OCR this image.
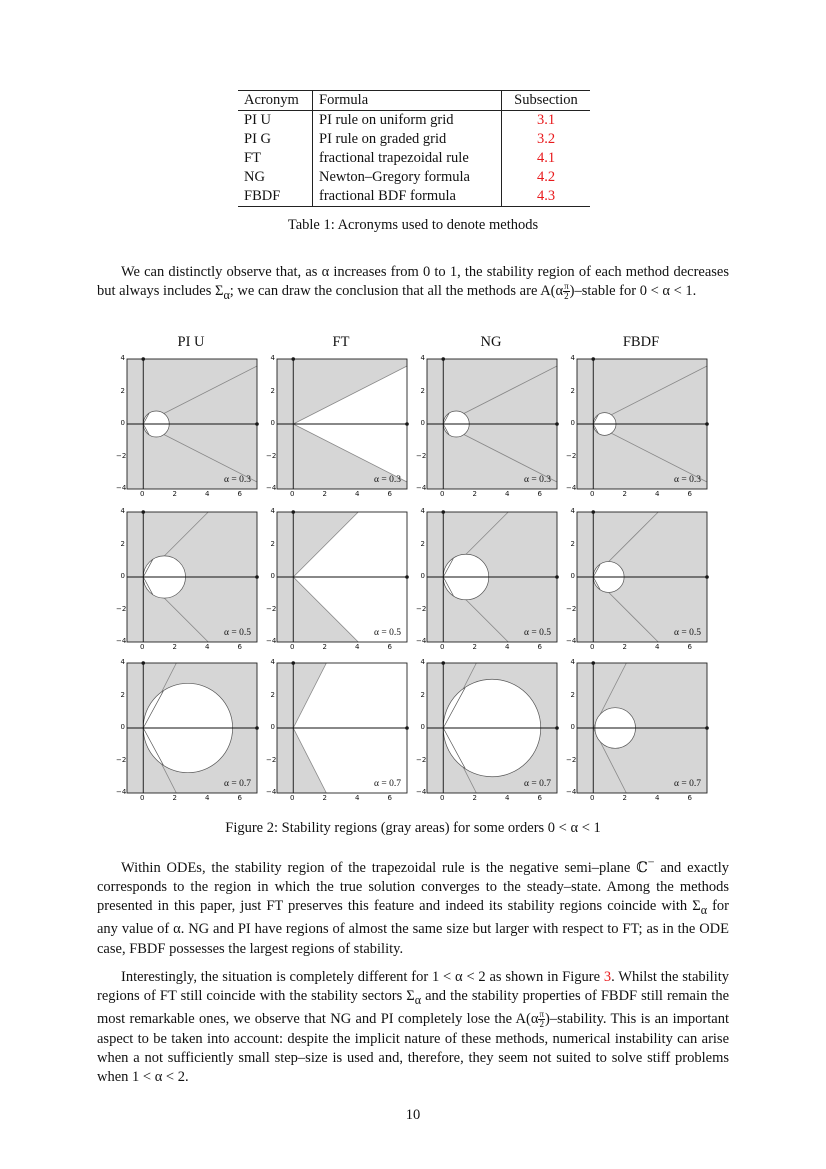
Acronym	Formula	Subsection
PI U	PI rule on uniform grid	3.1
PI G	PI rule on graded grid	3.2
FT	fractional trapezoidal rule	4.1
NG	Newton–Gregory formula	4.2
FBDF	fractional BDF formula	4.3
Table 1: Acronyms used to denote methods

We can distinctly observe that, as α increases from 0 to 1, the stability region of each method decreases but always includes $\Sigma_\alpha$; we can draw the conclusion that all the methods are $A(\alpha \frac{\pi}{2}$ )–stable for 0 < α < 1.

PI U	FT	NG	FBDF
4
2
0
−2
−4
0	2	4	6
α = 0.3
4
2
0
−2
−4
0	2	4	6
α = 0.5
4
2
0
−2
−4
0	2	4	6
α = 0.7
4
2
0
−2
−4
0	2	4	6
α = 0.3
4
2
0
−2
−4
0	2	4	6
α = 0.5
4
2
0
−2
−4
0	2	4	6
α = 0.7
4
2
0
−2
−4
0	2	4	6
α = 0.3
4
2
0
−2
−4
0	2	4	6
α = 0.5
4
2
0
−2
−4
0	2	4	6
α = 0.7
4
2
0
−2
−4
0	2	4	6
α = 0.3
4
2
0
−2
−4
0	2	4	6
α = 0.5
4
2
0
−2
−4
0	2	4	6
α = 0.7
Figure 2: Stability regions (gray areas) for some orders 0 < α < 1

Within ODEs, the stability region of the trapezoidal rule is the negative semi–plane ℂ− and exactly corresponds to the region in which the true solution converges to the steady–state. Among the methods presented in this paper, just FT preserves this feature and indeed its stability regions coincide with $\Sigma_\alpha$ for any value of α. NG and PI have regions of almost the same size but larger with respect to FT; as in the ODE case, FBDF possesses the largest regions of stability.

Interestingly, the situation is completely different for 1 < α < 2 as shown in Figure 3. Whilst the stability regions of FT still coincide with the stability sectors $\Sigma_\alpha$ and the stability properties of FBDF still remain the most remarkable ones, we observe that NG and PI completely lose the $A(\alpha \frac{\pi}{2}$ )–stability. This is an important aspect to be taken into account: despite the implicit nature of these methods, numerical instability can arise when a not sufficiently small step–size is used and, therefore, they seem not suited to solve stiff problems when 1 < α < 2.

10
